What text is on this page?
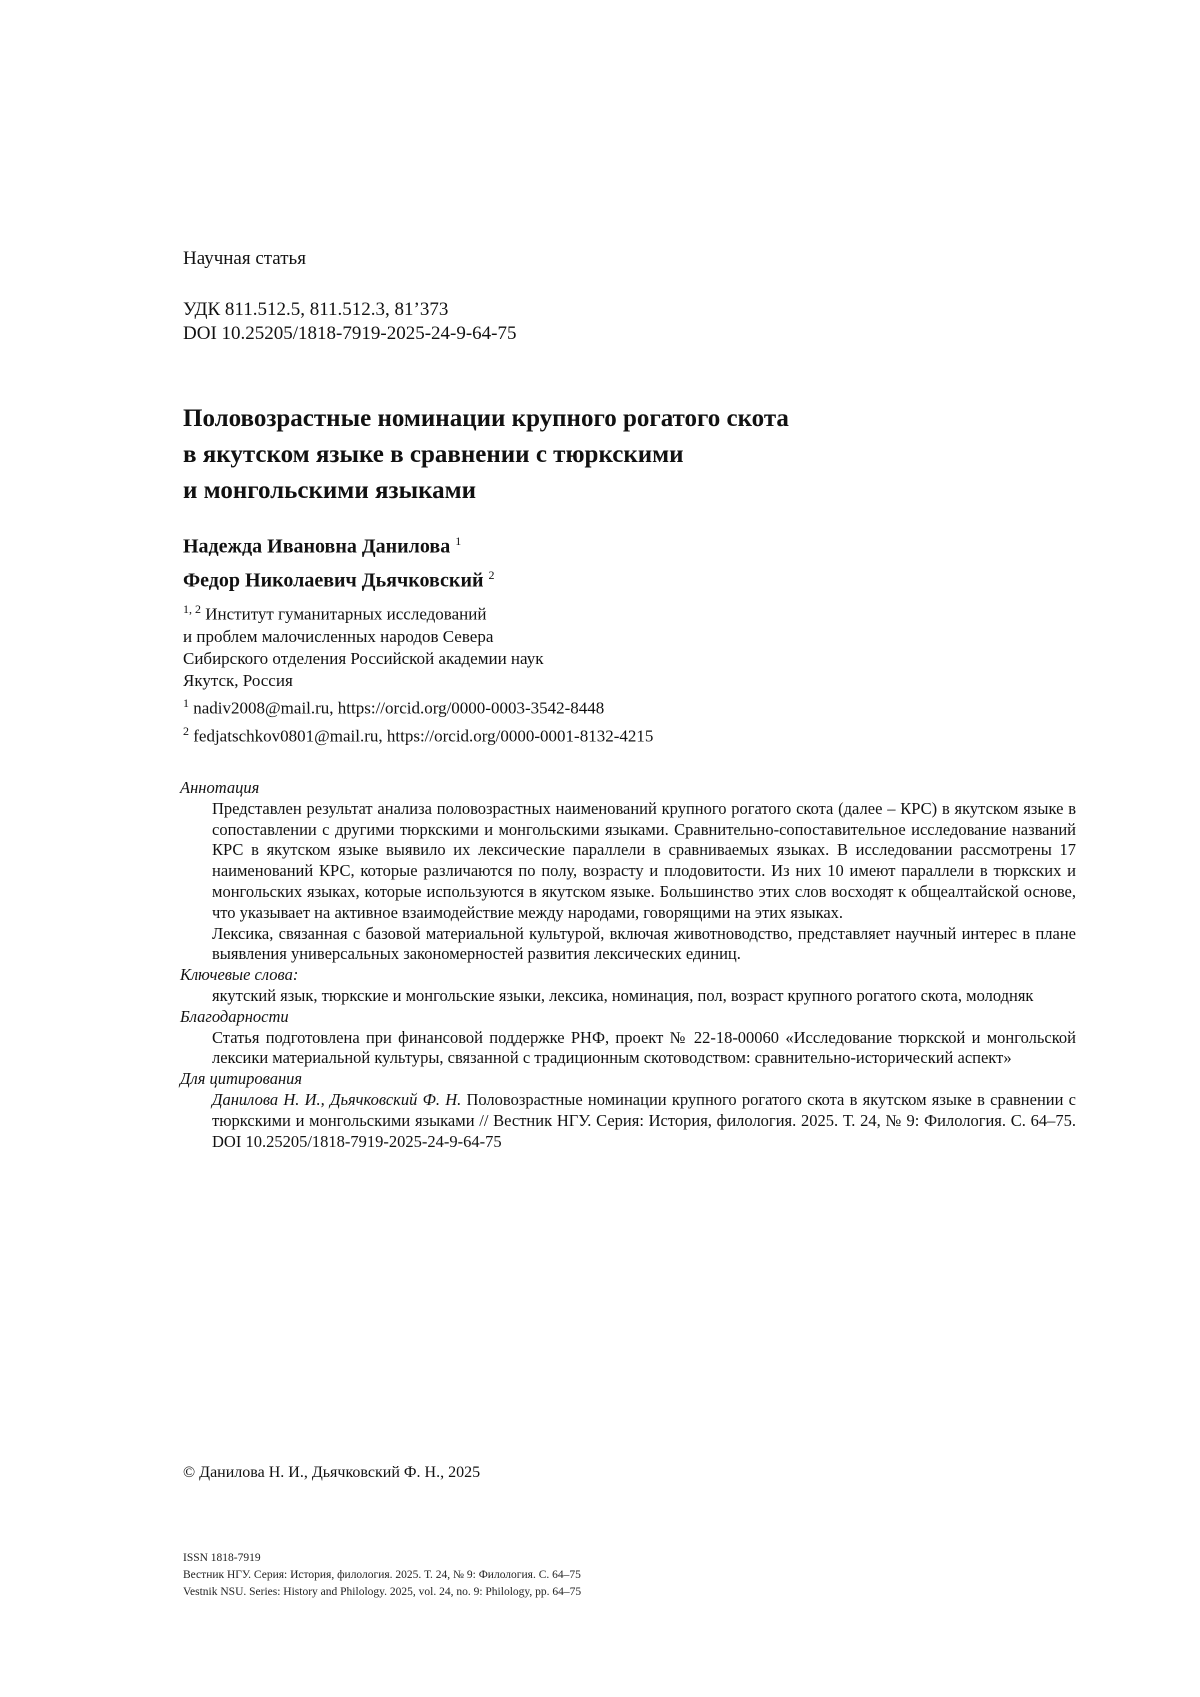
Научная статья
УДК 811.512.5, 811.512.3, 81’373
DOI 10.25205/1818-7919-2025-24-9-64-75
Половозрастные номинации крупного рогатого скота
в якутском языке в сравнении с тюркскими
и монгольскими языками
Надежда Ивановна Данилова $^1$
Федор Николаевич Дьячковский $^2$
$^{1, 2}$ Институт гуманитарных исследований
и проблем малочисленных народов Севера
Сибирского отделения Российской академии наук
Якутск, Россия
$^1$ nadiv2008@mail.ru, https://orcid.org/0000-0003-3542-8448
$^2$ fedjatschkov0801@mail.ru, https://orcid.org/0000-0001-8132-4215
Аннотация

Представлен результат анализа половозрастных наименований крупного рогатого скота (далее – КРС) в якутском языке в сопоставлении с другими тюркскими и монгольскими языками. Сравнительно-сопоставительное исследование названий КРС в якутском языке выявило их лексические параллели в сравниваемых языках. В исследовании рассмотрены 17 наименований КРС, которые различаются по полу, возрасту и плодовитости. Из них 10 имеют параллели в тюркских и монгольских языках, которые используются в якутском языке. Большинство этих слов восходят к общеалтайской основе, что указывает на активное взаимодействие между народами, говорящими на этих языках.

Лексика, связанная с базовой материальной культурой, включая животноводство, представляет научный интерес в плане выявления универсальных закономерностей развития лексических единиц.

Ключевые слова:
якутский язык, тюркские и монгольские языки, лексика, номинация, пол, возраст крупного рогатого скота, молодняк
Благодарности
Статья подготовлена при финансовой поддержке РНФ, проект № 22-18-00060 «Исследование тюркской и монгольской лексики материальной культуры, связанной с традиционным скотоводством: сравнительно-исторический аспект»
Для цитирования
Данилова Н. И., Дьячковский Ф. Н. Половозрастные номинации крупного рогатого скота в якутском языке в сравнении с тюркскими и монгольскими языками // Вестник НГУ. Серия: История, филология. 2025. Т. 24, № 9: Филология. С. 64–75. DOI 10.25205/1818-7919-2025-24-9-64-75
© Данилова Н. И., Дьячковский Ф. Н., 2025
ISSN 1818-7919
Вестник НГУ. Серия: История, филология. 2025. Т. 24, № 9: Филология. С. 64–75
Vestnik NSU. Series: History and Philology. 2025, vol. 24, no. 9: Philology, pp. 64–75
